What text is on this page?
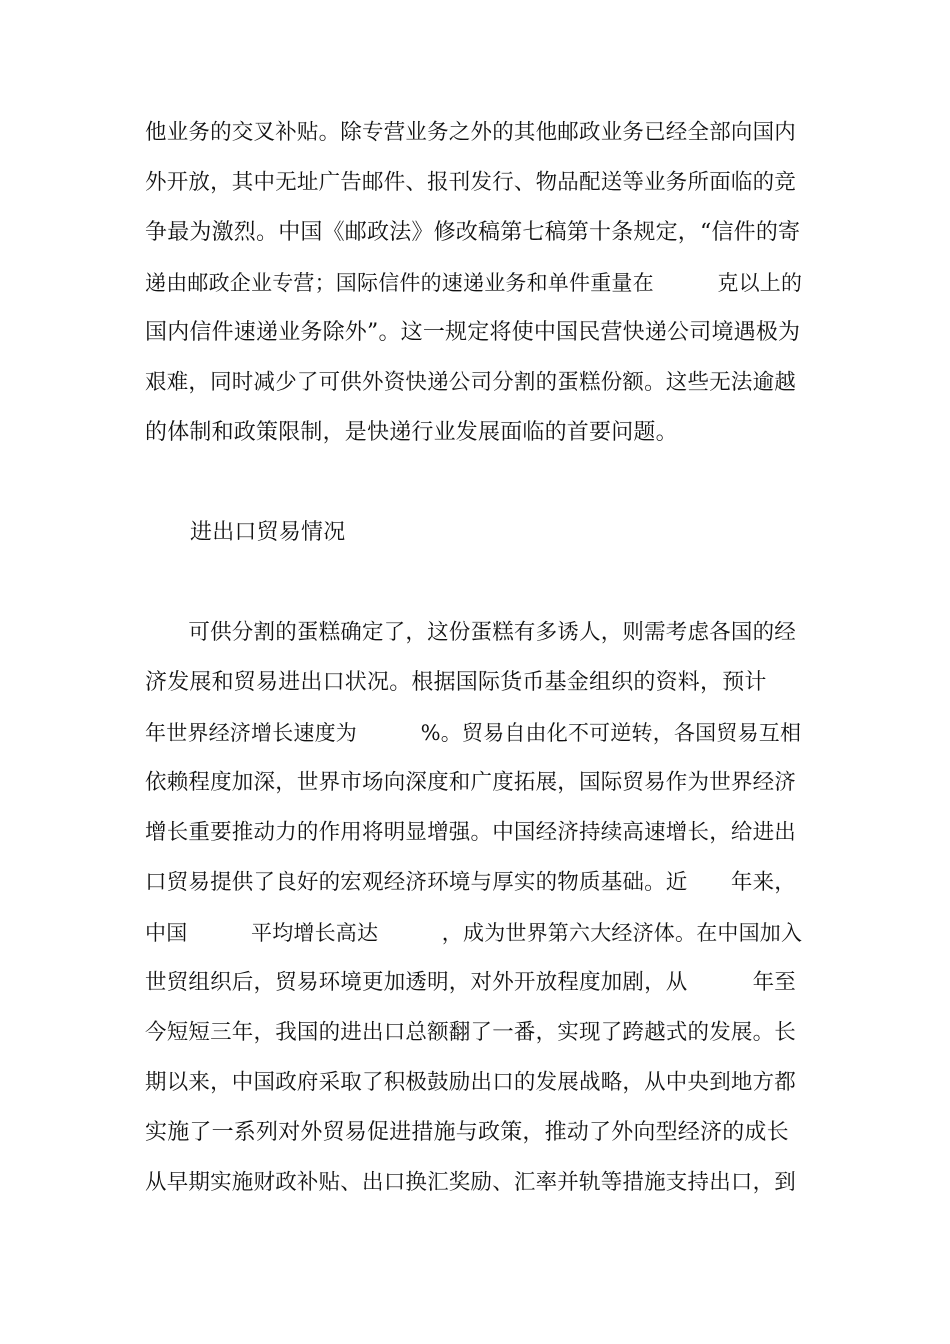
他业务的交叉补贴。除专营业务之外的其他邮政业务已经全部向国内
外开放，其中无址广告邮件、报刊发行、物品配送等业务所面临的竞
争最为激烈。中国《邮政法》修改稿第七稿第十条规定，“信件的寄
递由邮政企业专营；国际信件的速递业务和单件重量在　　　克以上的
国内信件速递业务除外”。这一规定将使中国民营快递公司境遇极为
艰难，同时减少了可供外资快递公司分割的蛋糕份额。这些无法逾越
的体制和政策限制，是快递行业发展面临的首要问题。
进出口贸易情况
　　可供分割的蛋糕确定了，这份蛋糕有多诱人，则需考虑各国的经
济发展和贸易进出口状况。根据国际货币基金组织的资料，预计
年世界经济增长速度为　　　%。贸易自由化不可逆转，各国贸易互相
依赖程度加深，世界市场向深度和广度拓展，国际贸易作为世界经济
增长重要推动力的作用将明显增强。中国经济持续高速增长，给进出
口贸易提供了良好的宏观经济环境与厚实的物质基础。近　　年来，
中国　　　平均增长高达　　　，成为世界第六大经济体。在中国加入
世贸组织后，贸易环境更加透明，对外开放程度加剧，从　　　年至
今短短三年，我国的进出口总额翻了一番，实现了跨越式的发展。长
期以来，中国政府采取了积极鼓励出口的发展战略，从中央到地方都
实施了一系列对外贸易促进措施与政策，推动了外向型经济的成长
从早期实施财政补贴、出口换汇奖励、汇率并轨等措施支持出口，到
